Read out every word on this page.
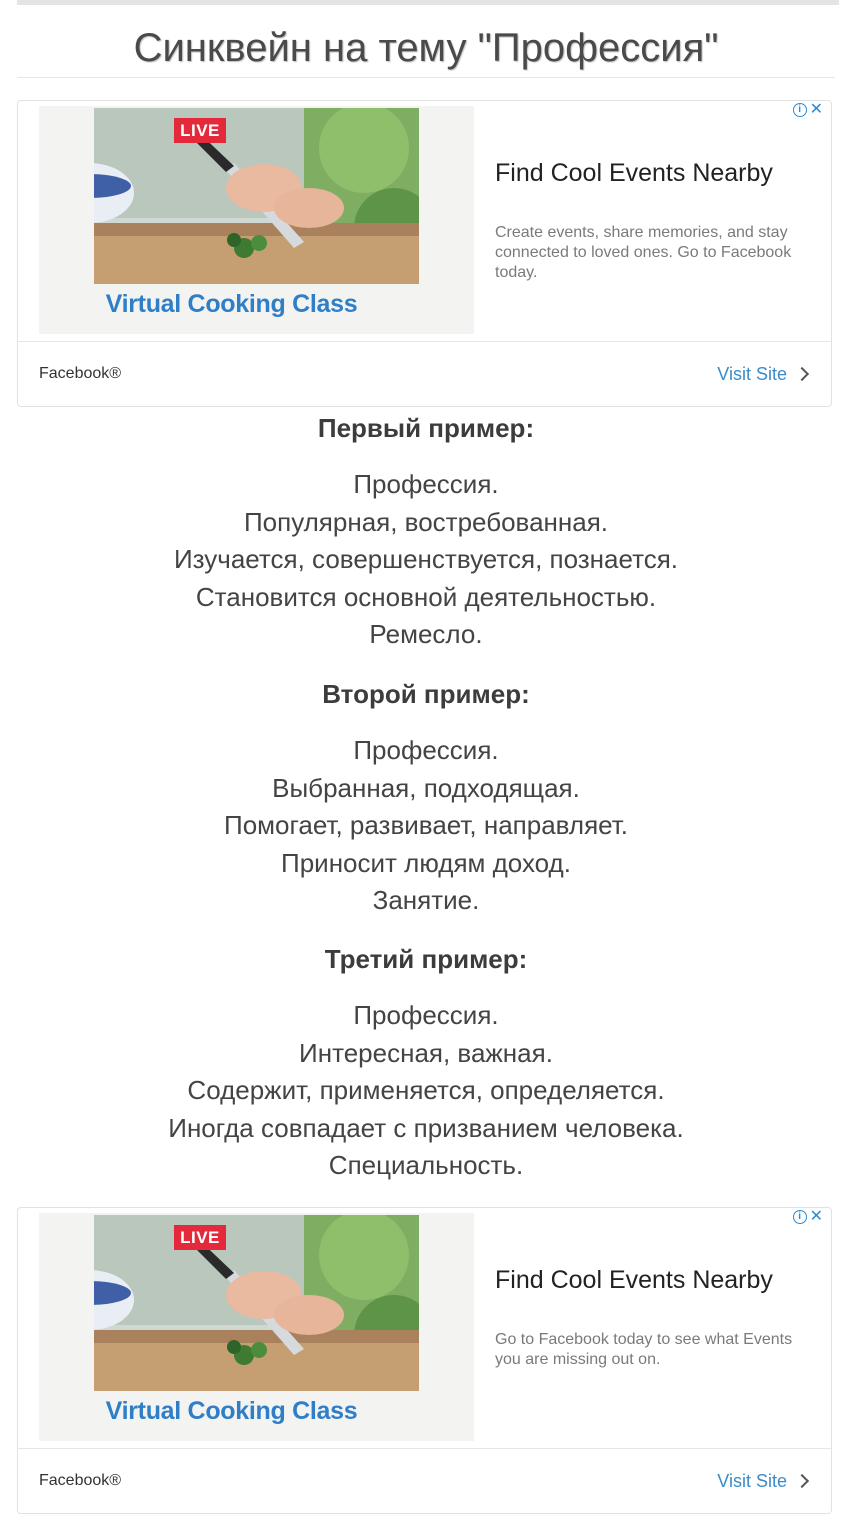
Синквейн на тему "Профессия"
LIVE
Virtual Cooking Class
i ✕
Find Cool Events Nearby
Create events, share memories, and stay connected to loved ones. Go to Facebook today.
Facebook®	Visit Site

Первый пример:

Профессия.

Популярная, востребованная.

Изучается, совершенствуется, познается.

Становится основной деятельностью.

Ремесло.

Второй пример:

Профессия.

Выбранная, подходящая.

Помогает, развивает, направляет.

Приносит людям доход.

Занятие.

Третий пример:

Профессия.

Интересная, важная.

Содержит, применяется, определяется.

Иногда совпадает с призванием человека.

Специальность.

LIVE
Virtual Cooking Class
i ✕
Find Cool Events Nearby
Go to Facebook today to see what Events you are missing out on.
Facebook®	Visit Site
